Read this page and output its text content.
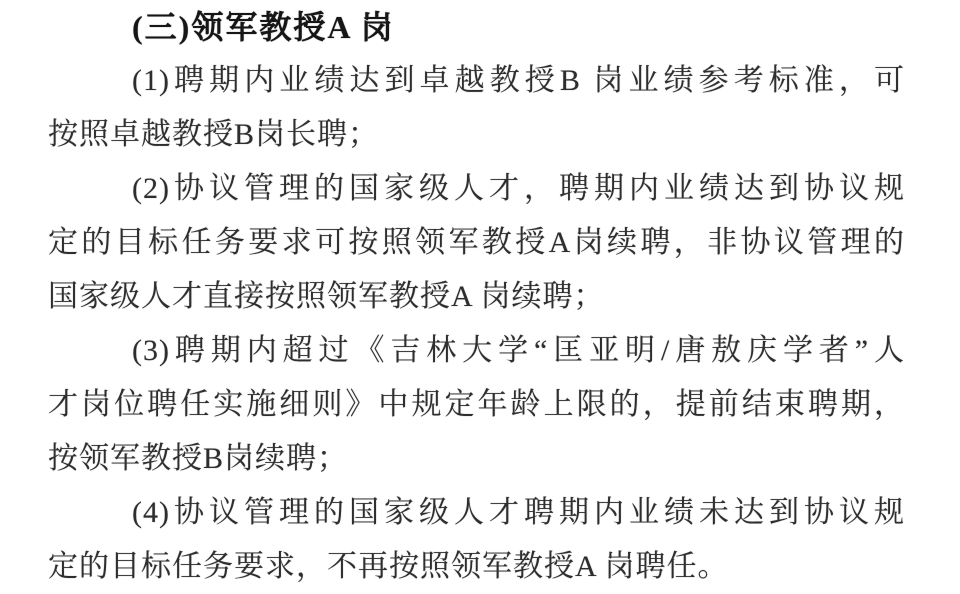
(三)领军教授A 岗
(1)聘期内业绩达到卓越教授B 岗业绩参考标准，可
按照卓越教授B岗长聘；
(2)协议管理的国家级人才，聘期内业绩达到协议规
定的目标任务要求可按照领军教授A岗续聘，非协议管理的
国家级人才直接按照领军教授A 岗续聘；
(3)聘期内超过《吉林大学“匡亚明/唐敖庆学者”人
才岗位聘任实施细则》中规定年龄上限的，提前结束聘期，
按领军教授B岗续聘；
(4)协议管理的国家级人才聘期内业绩未达到协议规
定的目标任务要求，不再按照领军教授A 岗聘任。
